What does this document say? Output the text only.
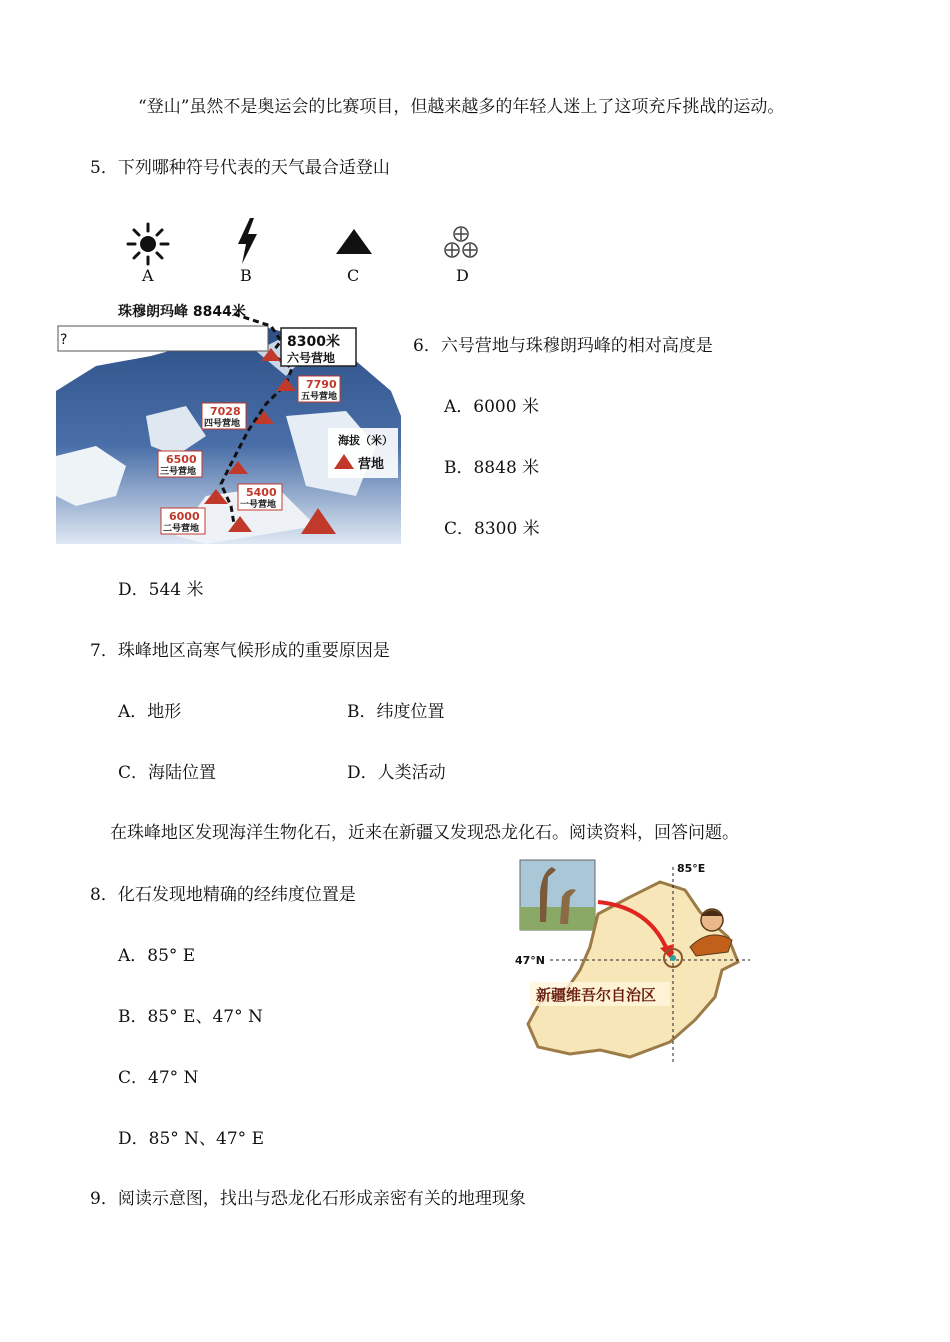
“登山”虽然不是奥运会的比赛项目，但越来越多的年轻人迷上了这项充斥挑战的运动。
5．下列哪种符号代表的天气最合适登山
A	B	C	D
珠穆朗玛峰 8844米
?	8300米
六号营地
7790
五号营地
7028
四号营地
6500
三号营地
5400
一号营地
6000
二号营地
海拔（米）
营地
6．六号营地与珠穆朗玛峰的相对高度是
A．6000 米
B．8848 米
C．8300 米
D．544 米
7．珠峰地区高寒气候形成的重要原因是
A．地形	B．纬度位置
C．海陆位置	D．人类活动
在珠峰地区发现海洋生物化石，近来在新疆又发现恐龙化石。阅读资料，回答问题。
85°E
47°N
新疆维吾尔自治区
8．化石发现地精确的经纬度位置是
A．85° E
B．85° E、47° N
C．47° N
D．85° N、47° E
9．阅读示意图，找出与恐龙化石形成亲密有关的地理现象
